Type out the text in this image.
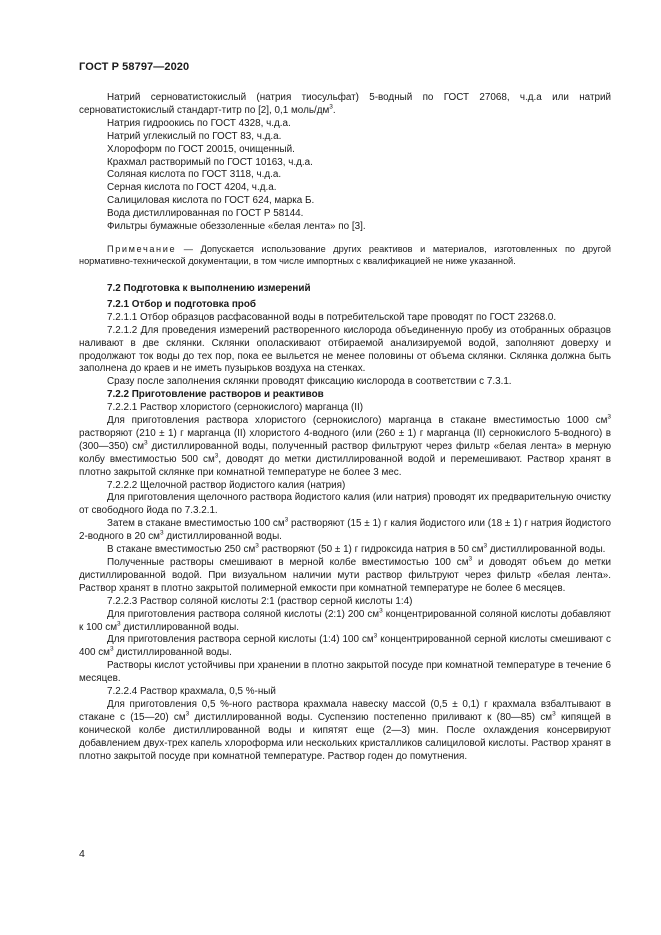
ГОСТ Р 58797—2020

Натрий серноватистокислый (натрия тиосульфат) 5-водный по ГОСТ 27068, ч.д.а или натрий серноватистокислый стандарт-титр по [2], 0,1 моль/$дм^3$.

Натрия гидроокись по ГОСТ 4328, ч.д.а.

Натрий углекислый по ГОСТ 83, ч.д.а.

Хлороформ по ГОСТ 20015, очищенный.

Крахмал растворимый по ГОСТ 10163, ч.д.а.

Соляная кислота по ГОСТ 3118, ч.д.а.

Серная кислота по ГОСТ 4204, ч.д.а.

Салициловая кислота по ГОСТ 624, марка Б.

Вода дистиллированная по ГОСТ Р 58144.

Фильтры бумажные обеззоленные «белая лента» по [3].

Примечание — Допускается использование других реактивов и материалов, изготовленных по другой нормативно-технической документации, в том числе импортных с квалификацией не ниже указанной.

7.2 Подготовка к выполнению измерений

7.2.1 Отбор и подготовка проб

7.2.1.1 Отбор образцов расфасованной воды в потребительской таре проводят по ГОСТ 23268.0.

7.2.1.2 Для проведения измерений растворенного кислорода объединенную пробу из отобранных образцов наливают в две склянки. Склянки ополаскивают отбираемой анализируемой водой, заполняют доверху и продолжают ток воды до тех пор, пока ее выльется не менее половины от объема склянки. Склянка должна быть заполнена до краев и не иметь пузырьков воздуха на стенках.

Сразу после заполнения склянки проводят фиксацию кислорода в соответствии с 7.3.1.

7.2.2 Приготовление растворов и реактивов

7.2.2.1 Раствор хлористого (сернокислого) марганца (II)

Для приготовления раствора хлористого (сернокислого) марганца в стакане вместимостью 1000 $см^3$ растворяют (210 ± 1) г марганца (II) хлористого 4-водного (или (260 ± 1) г марганца (II) сернокислого 5-водного) в (300—350) $см^3$ дистиллированной воды, полученный раствор фильтруют через фильтр «белая лента» в мерную колбу вместимостью 500 $см^3$, доводят до метки дистиллированной водой и перемешивают. Раствор хранят в плотно закрытой склянке при комнатной температуре не более 3 мес.

7.2.2.2 Щелочной раствор йодистого калия (натрия)

Для приготовления щелочного раствора йодистого калия (или натрия) проводят их предварительную очистку от свободного йода по 7.3.2.1.

Затем в стакане вместимостью 100 $см^3$ растворяют (15 ± 1) г калия йодистого или (18 ± 1) г натрия йодистого 2-водного в 20 $см^3$ дистиллированной воды.

В стакане вместимостью 250 $см^3$ растворяют (50 ± 1) г гидроксида натрия в 50 $см^3$ дистиллированной воды.

Полученные растворы смешивают в мерной колбе вместимостью 100 $см^3$ и доводят объем до метки дистиллированной водой. При визуальном наличии мути раствор фильтруют через фильтр «белая лента». Раствор хранят в плотно закрытой полимерной емкости при комнатной температуре не более 6 месяцев.

7.2.2.3 Раствор соляной кислоты 2:1 (раствор серной кислоты 1:4)

Для приготовления раствора соляной кислоты (2:1) 200 $см^3$ концентрированной соляной кислоты добавляют к 100 $см^3$ дистиллированной воды.

Для приготовления раствора серной кислоты (1:4) 100 $см^3$ концентрированной серной кислоты смешивают с 400 $см^3$ дистиллированной воды.

Растворы кислот устойчивы при хранении в плотно закрытой посуде при комнатной температуре в течение 6 месяцев.

7.2.2.4 Раствор крахмала, 0,5 %-ный

Для приготовления 0,5 %-ного раствора крахмала навеску массой (0,5 ± 0,1) г крахмала взбалтывают в стакане с (15—20) $см^3$ дистиллированной воды. Суспензию постепенно приливают к (80—85) $см^3$ кипящей в конической колбе дистиллированной воды и кипятят еще (2—3) мин. После охлаждения консервируют добавлением двух-трех капель хлороформа или нескольких кристалликов салициловой кислоты. Раствор хранят в плотно закрытой посуде при комнатной температуре. Раствор годен до помутнения.

4
